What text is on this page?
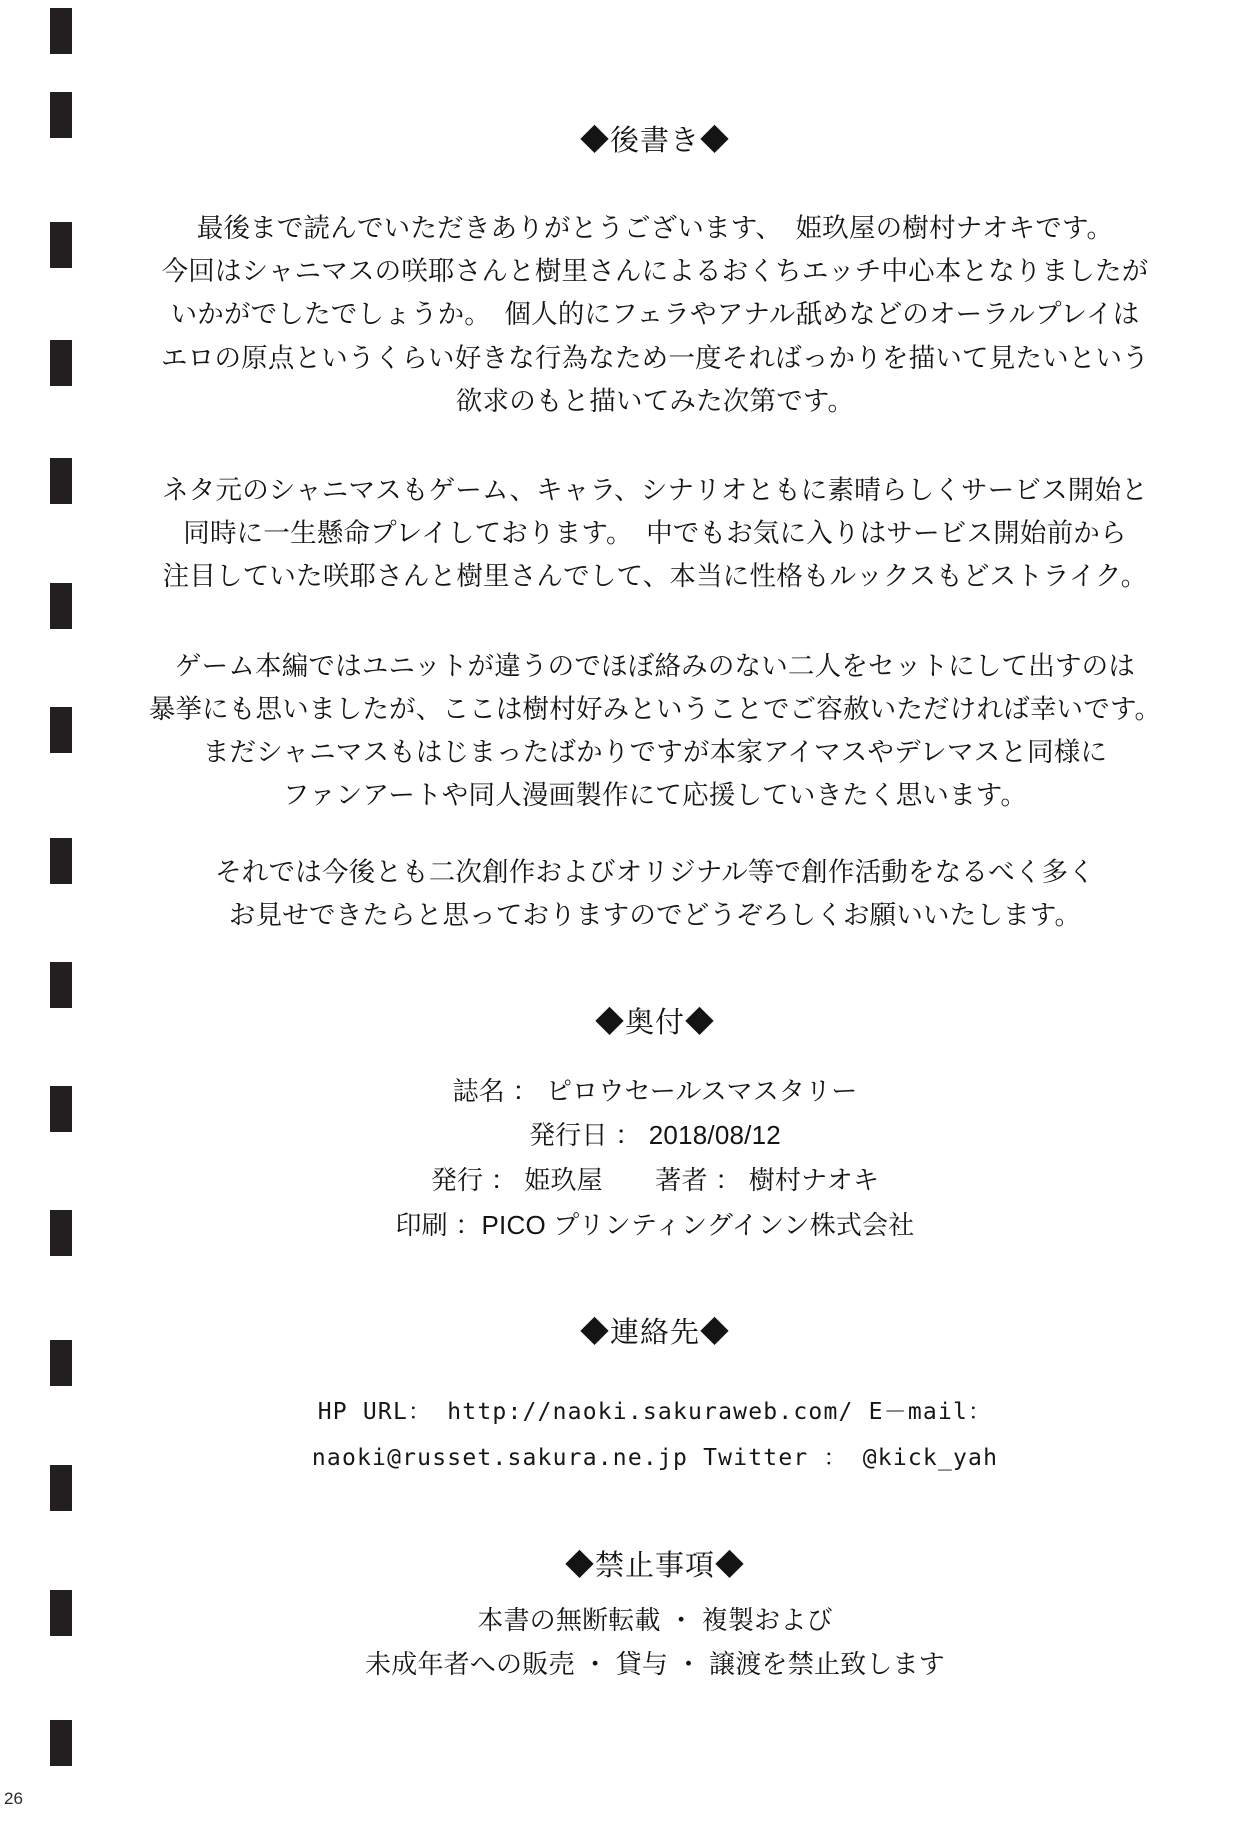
26
◆後書き◆
最後まで読んでいただきありがとうございます、　姫玖屋の樹村ナオキです。
今回はシャニマスの咲耶さんと樹里さんによるおくちエッチ中心本となりましたが
いかがでしたでしょうか。　個人的にフェラやアナル舐めなどのオーラルプレイは
エロの原点というくらい好きな行為なため一度そればっかりを描いて見たいという
欲求のもと描いてみた次第です。
ネタ元のシャニマスもゲーム、キャラ、シナリオともに素晴らしくサービス開始と
同時に一生懸命プレイしております。　中でもお気に入りはサービス開始前から
注目していた咲耶さんと樹里さんでして、本当に性格もルックスもどストライク。
ゲーム本編ではユニットが違うのでほぼ絡みのない二人をセットにして出すのは
暴挙にも思いましたが、ここは樹村好みということでご容赦いただければ幸いです。
まだシャニマスもはじまったばかりですが本家アイマスやデレマスと同様に
ファンアートや同人漫画製作にて応援していきたく思います。
それでは今後とも二次創作およびオリジナル等で創作活動をなるべく多く
お見せできたらと思っておりますのでどうぞろしくお願いいたします。
◆奥付◆
誌名 ： ピロウセールスマスタリー
発行日 ： 2018/08/12
発行 ： 姫玖屋　　著者 ： 樹村ナオキ
印刷 ：PICO プリンティングインン株式会社
◆連絡先◆
HP URL： http://naoki.sakuraweb.com/ E－mail： naoki@russet.sakura.ne.jp Twitter ： @kick_yah
◆禁止事項◆
本書の無断転載 ・ 複製および
未成年者への販売 ・ 貸与 ・ 譲渡を禁止致します
